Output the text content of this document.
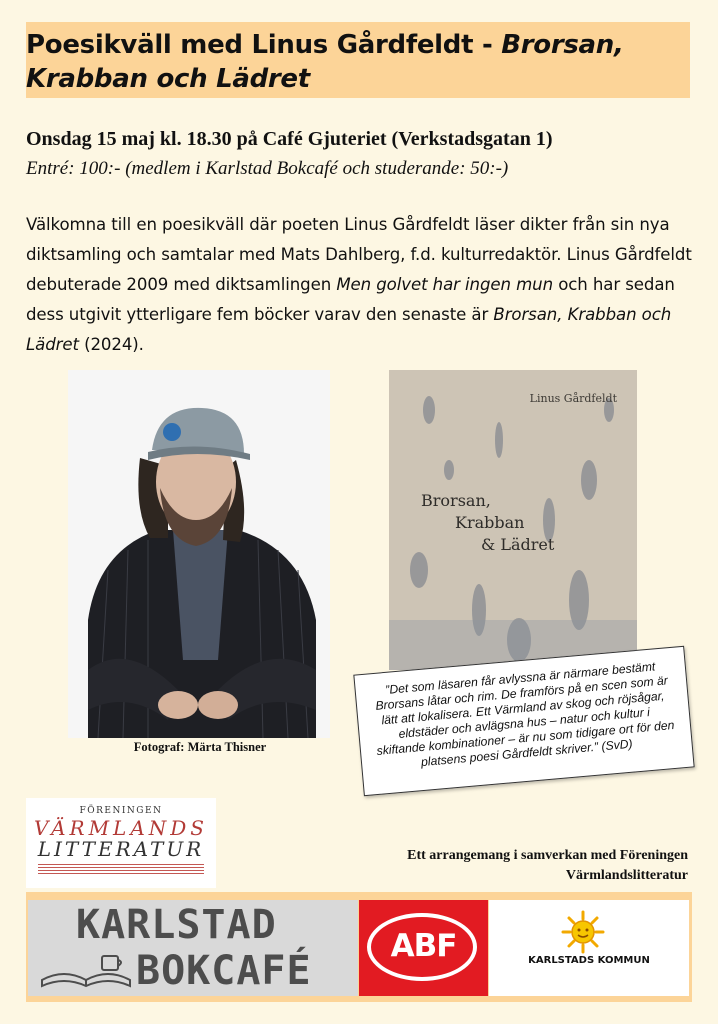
Poesikväll med Linus Gårdfeldt - Brorsan, Krabban och Lädret

Onsdag 15 maj kl. 18.30 på Café Gjuteriet (Verkstadsgatan 1)

Entré: 100:- (medlem i Karlstad Bokcafé och studerande: 50:-)

Välkomna till en poesikväll där poeten Linus Gårdfeldt läser dikter från sin nya diktsamling och samtalar med Mats Dahlberg, f.d. kulturredaktör. Linus Gårdfeldt debuterade 2009 med diktsamlingen Men golvet har ingen mun och har sedan dess utgivit ytterligare fem böcker varav den senaste är Brorsan, Krabban och Lädret (2024).

Fotograf: Märta Thisner
Linus Gårdfeldt
Brorsan,
Krabban
& Lädret

”Det som läsaren får avlyssna är närmare bestämt Brorsans låtar och rim. De framförs på en scen som är lätt att lokalisera. Ett Värmland av skog och röjsågar, eldstäder och avlägsna hus – natur och kultur i skiftande kombinationer – är nu som tidigare ort för den platsens poesi Gårdfeldt skriver.” (SvD)

FÖRENINGEN
VÄRMLANDS
LITTERATUR	Ett arrangemang i samverkan med Föreningen
Värmlandslitteratur

KARLSTAD
BOKCAFÉ
ABF	KARLSTADS KOMMUN
